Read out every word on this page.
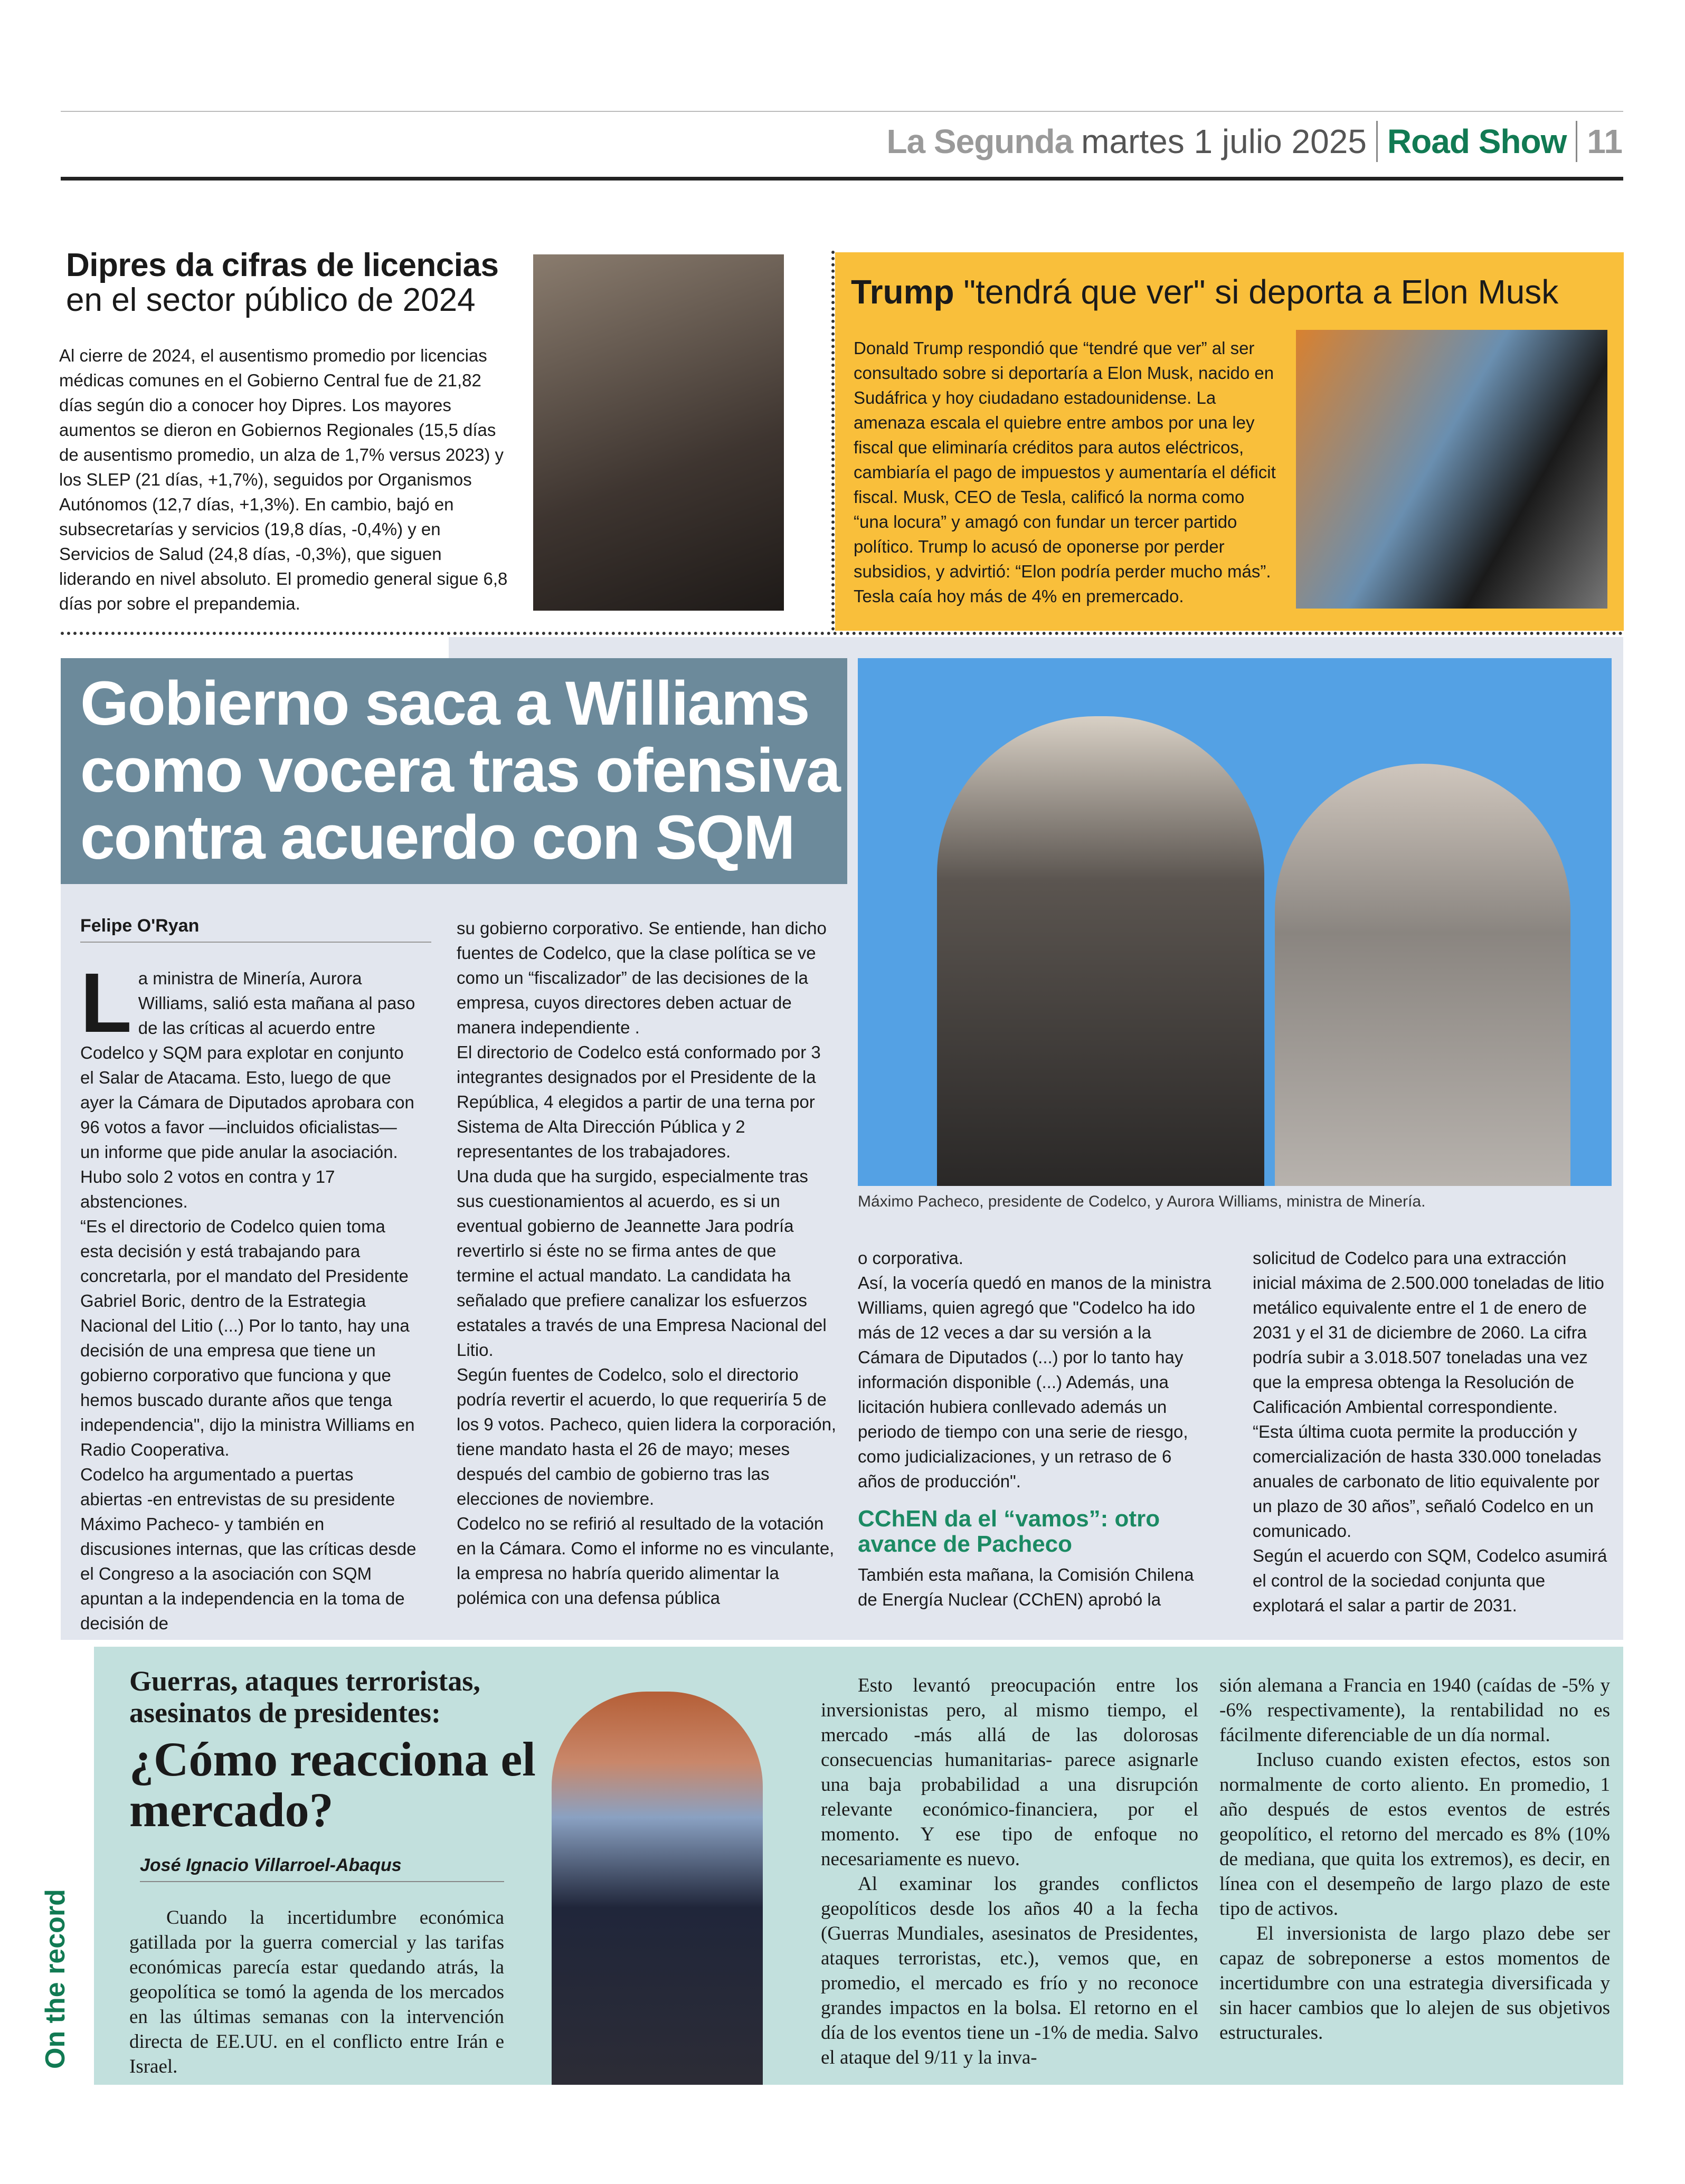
La Segunda martes 1 julio 2025 Road Show 11
Dipres da cifras de licencias
en el sector público de 2024
Al cierre de 2024, el ausentismo promedio por licencias médicas comunes en el Gobierno Central fue de 21,82 días según dio a conocer hoy Dipres. Los mayores aumentos se dieron en Gobiernos Regionales (15,5 días de ausentismo promedio, un alza de 1,7% versus 2023) y los SLEP (21 días, +1,7%), seguidos por Organismos Autónomos (12,7 días, +1,3%). En cambio, bajó en subsecretarías y servicios (19,8 días, -0,4%) y en Servicios de Salud (24,8 días, -0,3%), que siguen liderando en nivel absoluto. El promedio general sigue 6,8 días por sobre el prepandemia.
Trump "tendrá que ver" si deporta a Elon Musk
Donald Trump respondió que “tendré que ver” al ser consultado sobre si deportaría a Elon Musk, nacido en Sudáfrica y hoy ciudadano estadounidense. La amenaza escala el quiebre entre ambos por una ley fiscal que eliminaría créditos para autos eléctricos, cambiaría el pago de impuestos y aumentaría el déficit fiscal. Musk, CEO de Tesla, calificó la norma como “una locura” y amagó con fundar un tercer partido político. Trump lo acusó de oponerse por perder subsidios, y advirtió: “Elon podría perder mucho más”. Tesla caía hoy más de 4% en premercado.
Gobierno saca a Williams como vocera tras ofensiva contra acuerdo con SQM
Felipe O'Ryan
L a ministra de Minería, Aurora Williams, salió esta mañana al paso de las críticas al acuerdo entre Codelco y SQM para explotar en conjunto el Salar de Atacama. Esto, luego de que ayer la Cámara de Diputados aprobara con 96 votos a favor —incluidos oficialistas— un informe que pide anular la asociación. Hubo solo 2 votos en contra y 17 abstenciones.

“Es el directorio de Codelco quien toma esta decisión y está trabajando para concretarla, por el mandato del Presidente Gabriel Boric, dentro de la Estrategia Nacional del Litio (...) Por lo tanto, hay una decisión de una empresa que tiene un gobierno corporativo que funciona y que hemos buscado durante años que tenga independencia", dijo la ministra Williams en Radio Cooperativa.

Codelco ha argumentado a puertas abiertas -en entrevistas de su presidente Máximo Pacheco- y también en discusiones internas, que las críticas desde el Congreso a la asociación con SQM apuntan a la independencia en la toma de decisión de

su gobierno corporativo. Se entiende, han dicho fuentes de Codelco, que la clase política se ve como un “fiscalizador” de las decisiones de la empresa, cuyos directores deben actuar de manera independiente .

El directorio de Codelco está conformado por 3 integrantes designados por el Presidente de la República, 4 elegidos a partir de una terna por Sistema de Alta Dirección Pública y 2 representantes de los trabajadores.

Una duda que ha surgido, especialmente tras sus cuestionamientos al acuerdo, es si un eventual gobierno de Jeannette Jara podría revertirlo si éste no se firma antes de que termine el actual mandato. La candidata ha señalado que prefiere canalizar los esfuerzos estatales a través de una Empresa Nacional del Litio.

Según fuentes de Codelco, solo el directorio podría revertir el acuerdo, lo que requeriría 5 de los 9 votos. Pacheco, quien lidera la corporación, tiene mandato hasta el 26 de mayo; meses después del cambio de gobierno tras las elecciones de noviembre.

Codelco no se refirió al resultado de la votación en la Cámara. Como el informe no es vinculante, la empresa no habría querido alimentar la polémica con una defensa pública

Máximo Pacheco, presidente de Codelco, y Aurora Williams, ministra de Minería.

o corporativa.

Así, la vocería quedó en manos de la ministra Williams, quien agregó que "Codelco ha ido más de 12 veces a dar su versión a la Cámara de Diputados (...) por lo tanto hay información disponible (...) Además, una licitación hubiera conllevado además un periodo de tiempo con una serie de riesgo, como judicializaciones, y un retraso de 6 años de producción".

CChEN da el “vamos”: otro avance de Pacheco

También esta mañana, la Comisión Chilena de Energía Nuclear (CChEN) aprobó la

solicitud de Codelco para una extracción inicial máxima de 2.500.000 toneladas de litio metálico equivalente entre el 1 de enero de 2031 y el 31 de diciembre de 2060. La cifra podría subir a 3.018.507 toneladas una vez que la empresa obtenga la Resolución de Calificación Ambiental correspondiente.

“Esta última cuota permite la producción y comercialización de hasta 330.000 toneladas anuales de carbonato de litio equivalente por un plazo de 30 años”, señaló Codelco en un comunicado.

Según el acuerdo con SQM, Codelco asumirá el control de la sociedad conjunta que explotará el salar a partir de 2031.

On the record
Guerras, ataques terroristas, asesinatos de presidentes:
¿Cómo reacciona el mercado?
José Ignacio Villarroel-Abaqus

Cuando la incertidumbre económica gatillada por la guerra comercial y las tarifas económicas parecía estar quedando atrás, la geopolítica se tomó la agenda de los mercados en las últimas semanas con la intervención directa de EE.UU. en el conflicto entre Irán e Israel.

Esto levantó preocupación entre los inversionistas pero, al mismo tiempo, el mercado -más allá de las dolorosas consecuencias humanitarias- parece asignarle una baja probabilidad a una disrupción relevante económico-financiera, por el momento. Y ese tipo de enfoque no necesariamente es nuevo.

Al examinar los grandes conflictos geopolíticos desde los años 40 a la fecha (Guerras Mundiales, asesinatos de Presidentes, ataques terroristas, etc.), vemos que, en promedio, el mercado es frío y no reconoce grandes impactos en la bolsa. El retorno en el día de los eventos tiene un -1% de media. Salvo el ataque del 9/11 y la inva-

sión alemana a Francia en 1940 (caídas de -5% y -6% respectivamente), la rentabilidad no es fácilmente diferenciable de un día normal.

Incluso cuando existen efectos, estos son normalmente de corto aliento. En promedio, 1 año después de estos eventos de estrés geopolítico, el retorno del mercado es 8% (10% de mediana, que quita los extremos), es decir, en línea con el desempeño de largo plazo de este tipo de activos.

El inversionista de largo plazo debe ser capaz de sobreponerse a estos momentos de incertidumbre con una estrategia diversificada y sin hacer cambios que lo alejen de sus objetivos estructurales.
